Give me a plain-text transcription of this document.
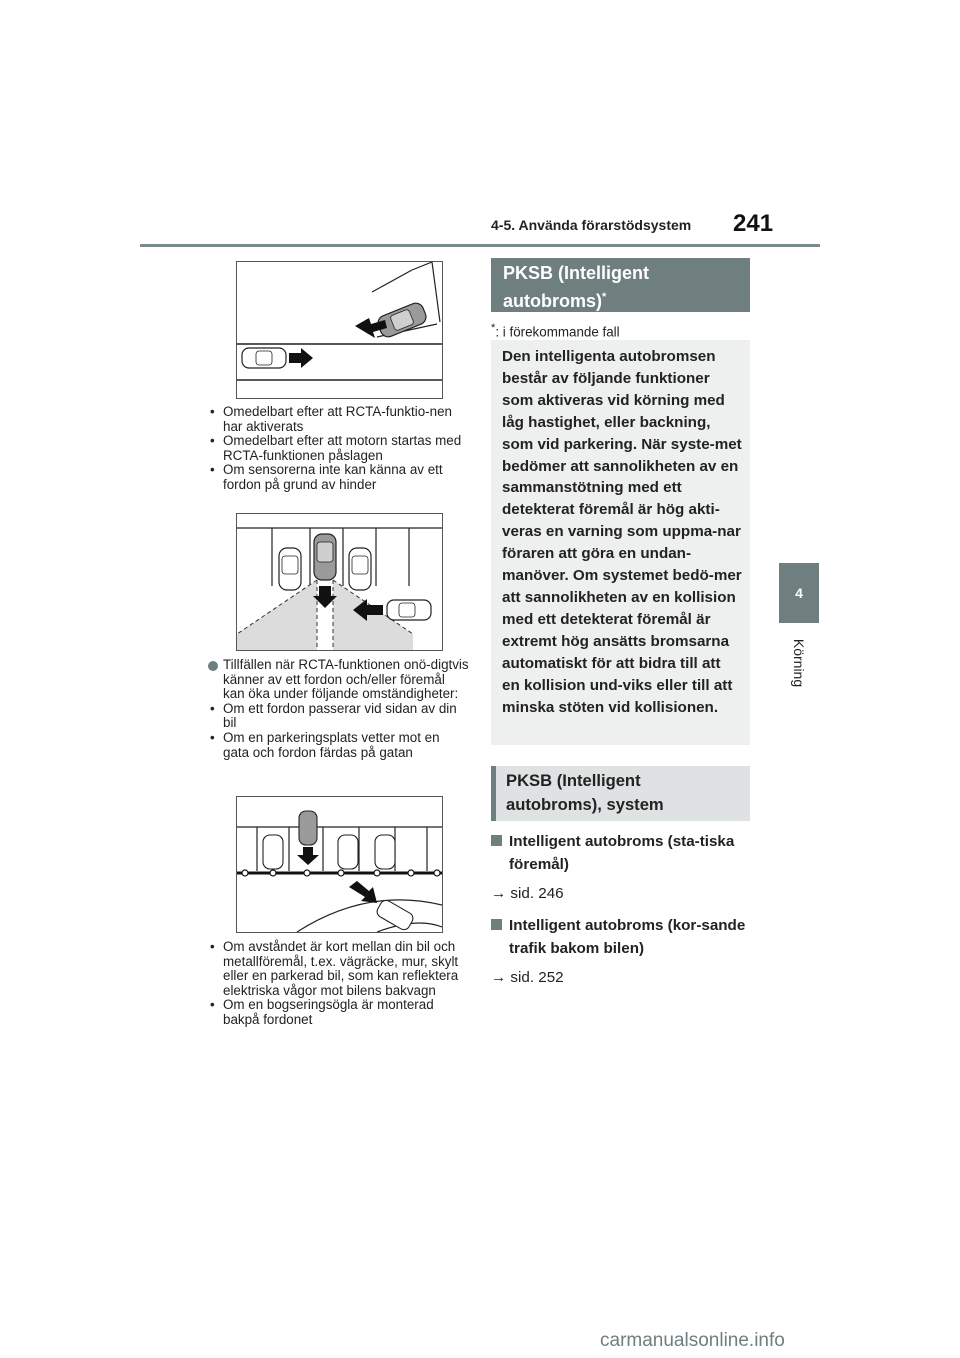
4-5. Använda förarstödsystem 241
4
Körning
• Omedelbart efter att RCTA-funktio-nen har aktiverats
• Omedelbart efter att motorn startas med RCTA-funktionen påslagen
• Om sensorerna inte kan känna av ett fordon på grund av hinder
Tillfällen när RCTA-funktionen onö-digtvis känner av ett fordon och/eller föremål kan öka under följande omständigheter:
• Om ett fordon passerar vid sidan av din bil
• Om en parkeringsplats vetter mot en gata och fordon färdas på gatan
• Om avståndet är kort mellan din bil och metallföremål, t.ex. vägräcke, mur, skylt eller en parkerad bil, som kan reflektera elektriska vågor mot bilens bakvagn
• Om en bogseringsögla är monterad bakpå fordonet
PKSB (Intelligent autobroms)*
*: i förekommande fall
Den intelligenta autobromsen består av följande funktioner som aktiveras vid körning med låg hastighet, eller backning, som vid parkering. När syste-met bedömer att sannolikheten av en sammanstötning med ett detekterat föremål är hög akti-veras en varning som uppma-nar föraren att göra en undan-manöver. Om systemet bedö-mer att sannolikheten av en kollision med ett detekterat föremål är extremt hög ansätts bromsarna automatiskt för att bidra till att en kollision und-viks eller till att minska stöten vid kollisionen.
PKSB (Intelligent autobroms), system
Intelligent autobroms (sta-tiska föremål)
→ sid. 246
Intelligent autobroms (kor-sande trafik bakom bilen)
→ sid. 252
carmanualsonline.info
